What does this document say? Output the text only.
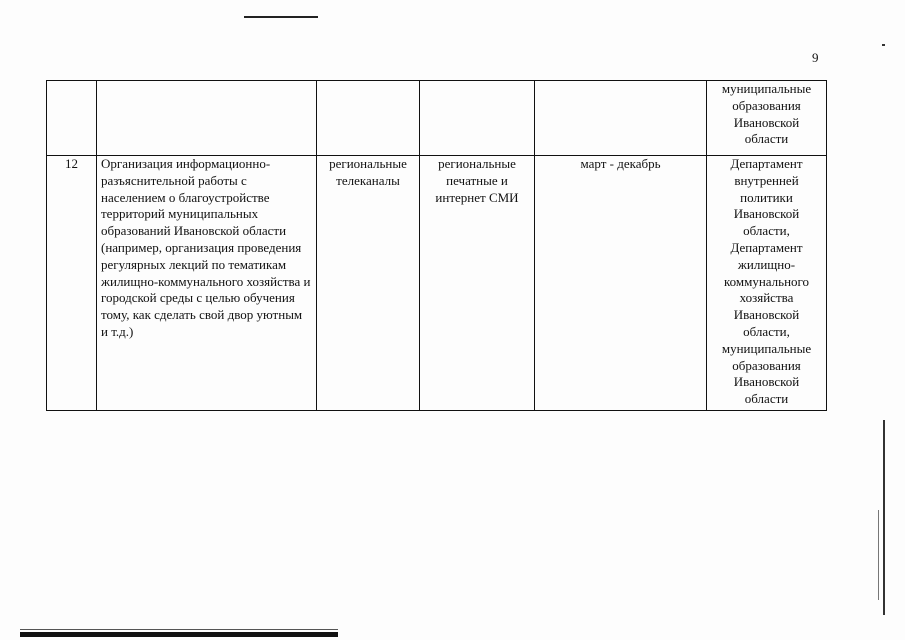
9
					муниципальные образования Ивановской области
12	Организация информационно-разъяснительной работы с населением о благоустройстве территорий муниципальных образований Ивановской области (например, организация проведения регулярных лекций по тематикам жилищно-коммунального хозяйства и городской среды с целью обучения тому, как сделать свой двор уютным и т.д.)	региональные телеканалы	региональные печатные и интернет СМИ	март - декабрь	Департамент внутренней политики Ивановской области, Департамент жилищно-коммунального хозяйства Ивановской области, муниципальные образования Ивановской области
